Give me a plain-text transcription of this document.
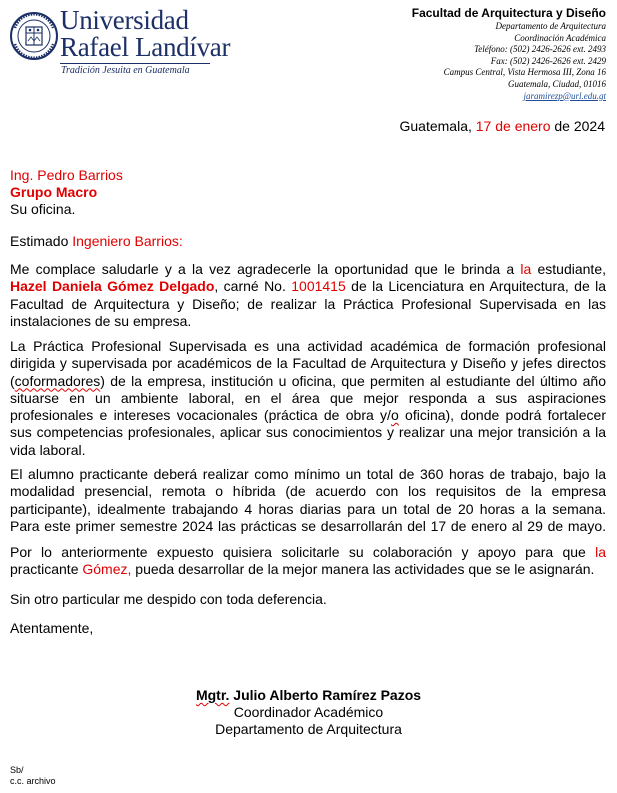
Universidad
Rafael Landívar
Tradición Jesuita en Guatemala
Facultad de Arquitectura y Diseño
Departamento de Arquitectura
Coordinación Académica
Teléfono: (502) 2426-2626 ext. 2493
Fax: (502) 2426-2626 ext. 2429
Campus Central, Vista Hermosa III, Zona 16
Guatemala, Ciudad, 01016
jaramirezp@url.edu.gt
Guatemala, 17 de enero de 2024
Ing. Pedro Barrios
Grupo Macro
Su oficina.
Estimado Ingeniero Barrios:
Me complace saludarle y a la vez agradecerle la oportunidad que le brinda a la estudiante,
Hazel Daniela Gómez Delgado, carné No. 1001415 de la Licenciatura en Arquitectura, de la
Facultad de Arquitectura y Diseño; de realizar la Práctica Profesional Supervisada en las
instalaciones de su empresa.
La Práctica Profesional Supervisada es una actividad académica de formación profesional
dirigida y supervisada por académicos de la Facultad de Arquitectura y Diseño y jefes directos
(coformadores) de la empresa, institución u oficina, que permiten al estudiante del último año
situarse en un ambiente laboral, en el área que mejor responda a sus aspiraciones
profesionales e intereses vocacionales (práctica de obra y/o oficina), donde podrá fortalecer
sus competencias profesionales, aplicar sus conocimientos y realizar una mejor transición a la
vida laboral.
El alumno practicante deberá realizar como mínimo un total de 360 horas de trabajo, bajo la
modalidad presencial, remota o híbrida (de acuerdo con los requisitos de la empresa
participante), idealmente trabajando 4 horas diarias para un total de 20 horas a la semana.
Para este primer semestre 2024 las prácticas se desarrollarán del 17 de enero al 29 de mayo.
Por lo anteriormente expuesto quisiera solicitarle su colaboración y apoyo para que la
practicante Gómez, pueda desarrollar de la mejor manera las actividades que se le asignarán.
Sin otro particular me despido con toda deferencia.
Atentamente,
Mgtr. Julio Alberto Ramírez Pazos
Coordinador Académico
Departamento de Arquitectura
Sb/
c.c. archivo
